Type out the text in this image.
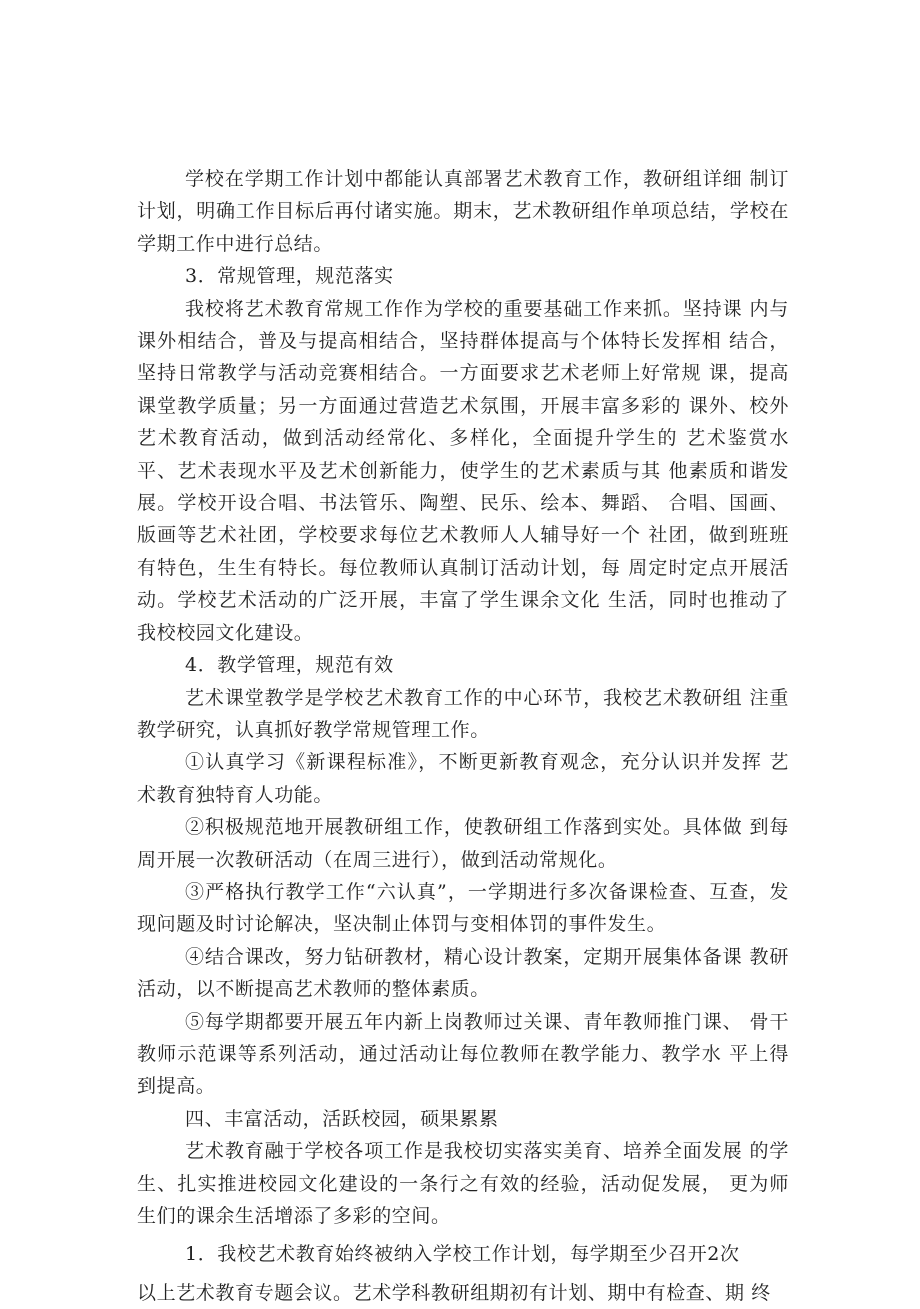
学校在学期工作计划中都能认真部署艺术教育工作，教研组详细 制订计划，明确工作目标后再付诸实施。期末，艺术教研组作单项总结，学校在学期工作中进行总结。

3．常规管理，规范落实

我校将艺术教育常规工作作为学校的重要基础工作来抓。坚持课 内与课外相结合，普及与提高相结合，坚持群体提高与个体特长发挥相 结合，坚持日常教学与活动竞赛相结合。一方面要求艺术老师上好常规 课，提高课堂教学质量；另一方面通过营造艺术氛围，开展丰富多彩的 课外、校外艺术教育活动，做到活动经常化、多样化，全面提升学生的 艺术鉴赏水平、艺术表现水平及艺术创新能力，使学生的艺术素质与其 他素质和谐发展。学校开设合唱、书法管乐、陶塑、民乐、绘本、舞蹈、 合唱、国画、版画等艺术社团，学校要求每位艺术教师人人辅导好一个 社团，做到班班有特色，生生有特长。每位教师认真制订活动计划，每 周定时定点开展活动。学校艺术活动的广泛开展，丰富了学生课余文化 生活，同时也推动了我校校园文化建设。

4．教学管理，规范有效

艺术课堂教学是学校艺术教育工作的中心环节，我校艺术教研组 注重教学研究，认真抓好教学常规管理工作。

①认真学习《新课程标准》，不断更新教育观念，充分认识并发挥 艺术教育独特育人功能。

②积极规范地开展教研组工作，使教研组工作落到实处。具体做 到每周开展一次教研活动（在周三进行），做到活动常规化。

③严格执行教学工作“六认真”，一学期进行多次备课检查、互查，发现问题及时讨论解决，坚决制止体罚与变相体罚的事件发生。

④结合课改，努力钻研教材，精心设计教案，定期开展集体备课 教研活动，以不断提高艺术教师的整体素质。

⑤每学期都要开展五年内新上岗教师过关课、青年教师推门课、 骨干教师示范课等系列活动，通过活动让每位教师在教学能力、教学水 平上得到提高。

四、丰富活动，活跃校园，硕果累累

艺术教育融于学校各项工作是我校切实落实美育、培养全面发展 的学生、扎实推进校园文化建设的一条行之有效的经验，活动促发展， 更为师生们的课余生活增添了多彩的空间。

1．我校艺术教育始终被纳入学校工作计划，每学期至少召开2次

以上艺术教育专题会议。艺术学科教研组期初有计划、期中有检查、期 终
